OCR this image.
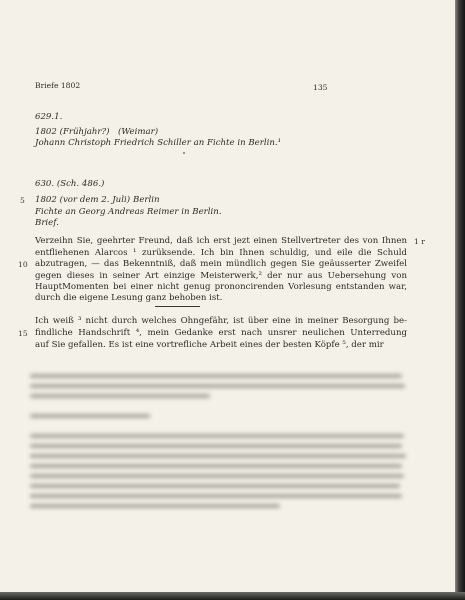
Briefe 1802	135
629.1.
1802 (Frühjahr?) (Weimar)
Johann Christoph Friedrich Schiller an Fichte in Berlin.¹
630. (Sch. 486.)
5 1802 (vor dem 2. Juli) Berlin
Fichte an Georg Andreas Reimer in Berlin.
Brief.
1 r
Verzeihn Sie, geehrter Freund, daß ich erst jezt einen Stellvertreter des von Ihnen
entfliehenen Alarcos ¹ zurüksende. Ich bin Ihnen schuldig, und eile die Schuld
10 abzutragen, — das Bekenntniß, daß mein mündlich gegen Sie geäusserter Zweifel
gegen dieses in seiner Art einzige Meisterwerk,² der nur aus Uebersehung von
HauptMomenten bei einer nicht genug prononcirenden Vorlesung entstanden war,
durch die eigene Lesung ganz behoben ist.
Ich weiß ³ nicht durch welches Ohngefähr, ist über eine in meiner Besorgung be-
15 findliche Handschrift ⁴, mein Gedanke erst nach unsrer neulichen Unterredung
auf Sie gefallen. Es ist eine vortrefliche Arbeit eines der besten Köpfe ⁵, der mir
